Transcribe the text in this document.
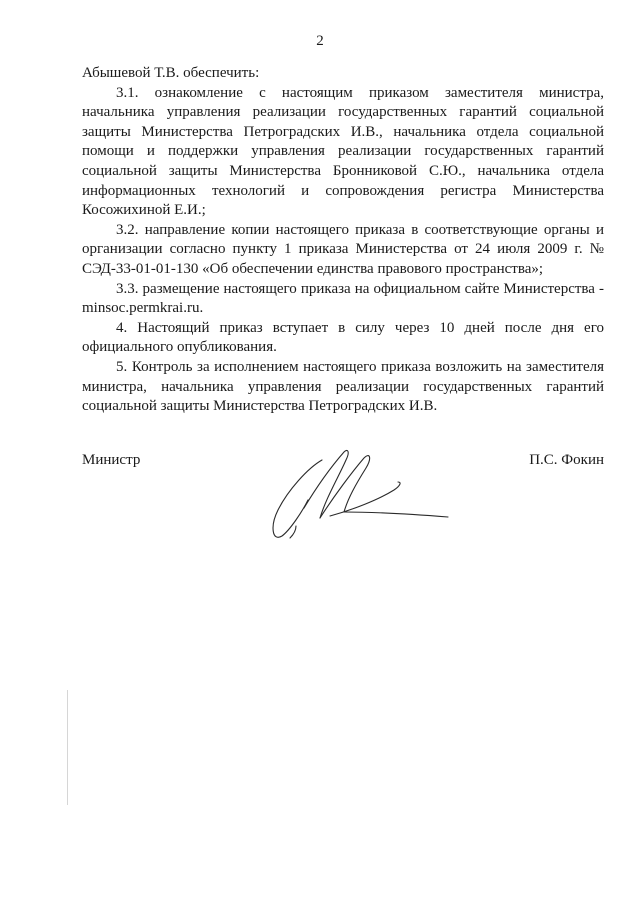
2

Абышевой Т.В. обеспечить:

3.1. ознакомление с настоящим приказом заместителя министра, начальника управления реализации государственных гарантий социальной защиты Министерства Петроградских И.В., начальника отдела социальной помощи и поддержки управления реализации государственных гарантий социальной защиты Министерства Бронниковой С.Ю., начальника отдела информационных технологий и сопровождения регистра Министерства Косожихиной Е.И.;

3.2. направление копии настоящего приказа в соответствующие органы и организации согласно пункту 1 приказа Министерства от 24 июля 2009 г. № СЭД-33-01-01-130 «Об обеспечении единства правового пространства»;

3.3. размещение настоящего приказа на официальном сайте Министерства - minsoc.permkrai.ru.

4. Настоящий приказ вступает в силу через 10 дней после дня его официального опубликования.

5. Контроль за исполнением настоящего приказа возложить на заместителя министра, начальника управления реализации государственных гарантий социальной защиты Министерства Петроградских И.В.

Министр	П.С. Фокин
